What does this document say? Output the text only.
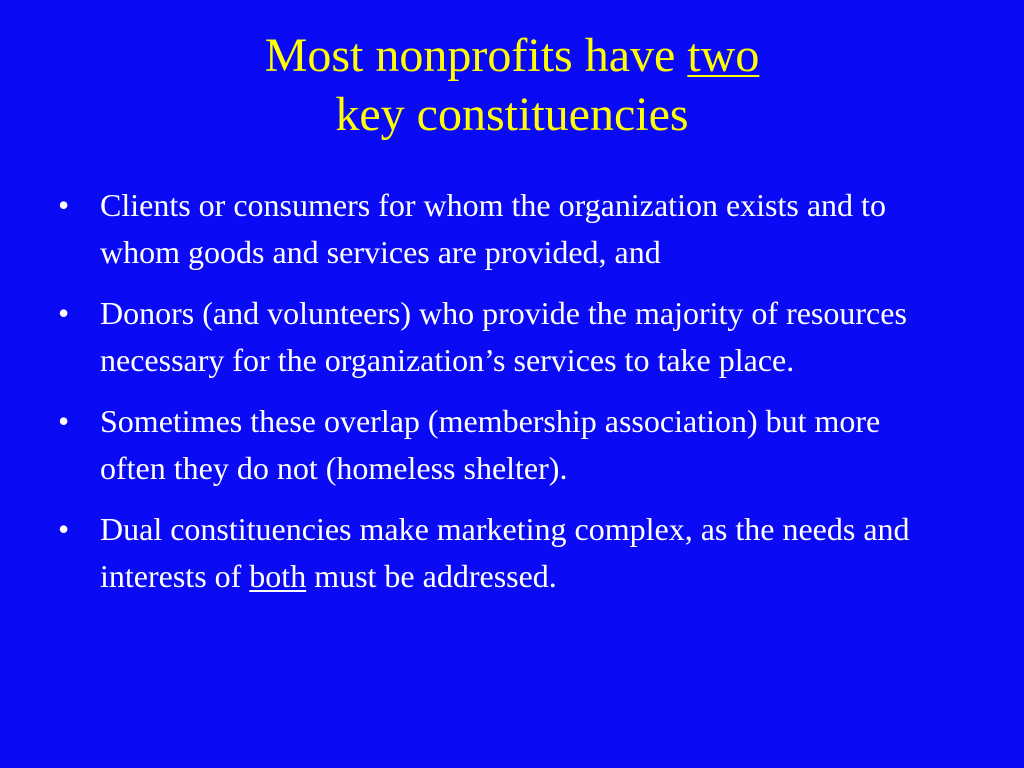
Most nonprofits have two
key constituencies
• Clients or consumers for whom the organization exists and to whom goods and services are provided, and
• Donors (and volunteers) who provide the majority of resources necessary for the organization’s services to take place.
• Sometimes these overlap (membership association) but more often they do not (homeless shelter).
• Dual constituencies make marketing complex, as the needs and interests of both must be addressed.
